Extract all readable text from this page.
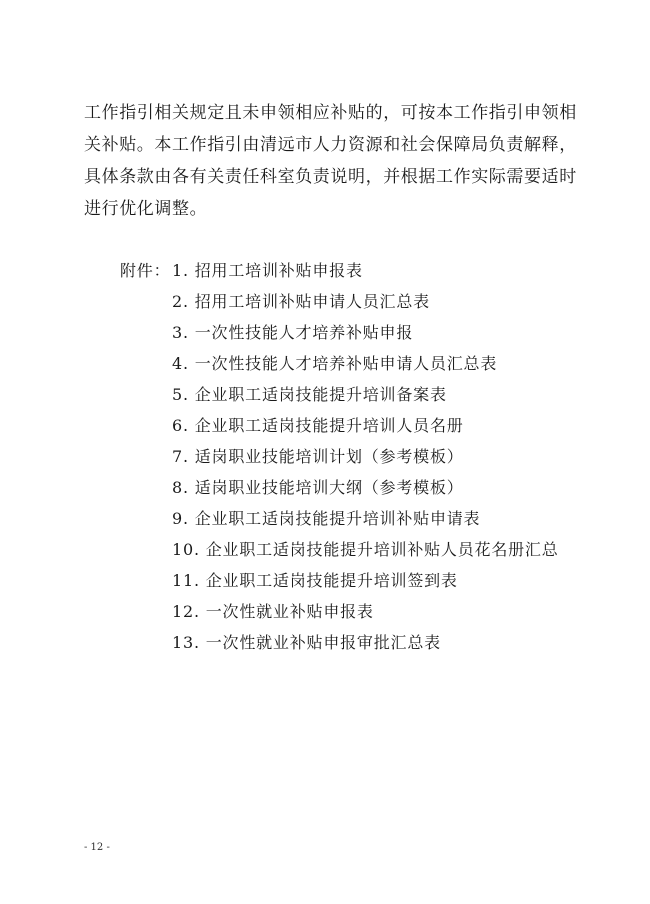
工作指引相关规定且未申领相应补贴的，可按本工作指引申领相
关补贴。本工作指引由清远市人力资源和社会保障局负责解释，
具体条款由各有关责任科室负责说明，并根据工作实际需要适时
进行优化调整。
附件： 1. 招用工培训补贴申报表
2. 招用工培训补贴申请人员汇总表
3. 一次性技能人才培养补贴申报
4. 一次性技能人才培养补贴申请人员汇总表
5. 企业职工适岗技能提升培训备案表
6. 企业职工适岗技能提升培训人员名册
7. 适岗职业技能培训计划（参考模板）
8. 适岗职业技能培训大纲（参考模板）
9. 企业职工适岗技能提升培训补贴申请表
10. 企业职工适岗技能提升培训补贴人员花名册汇总
11. 企业职工适岗技能提升培训签到表
12. 一次性就业补贴申报表
13. 一次性就业补贴申报审批汇总表
- 12 -
